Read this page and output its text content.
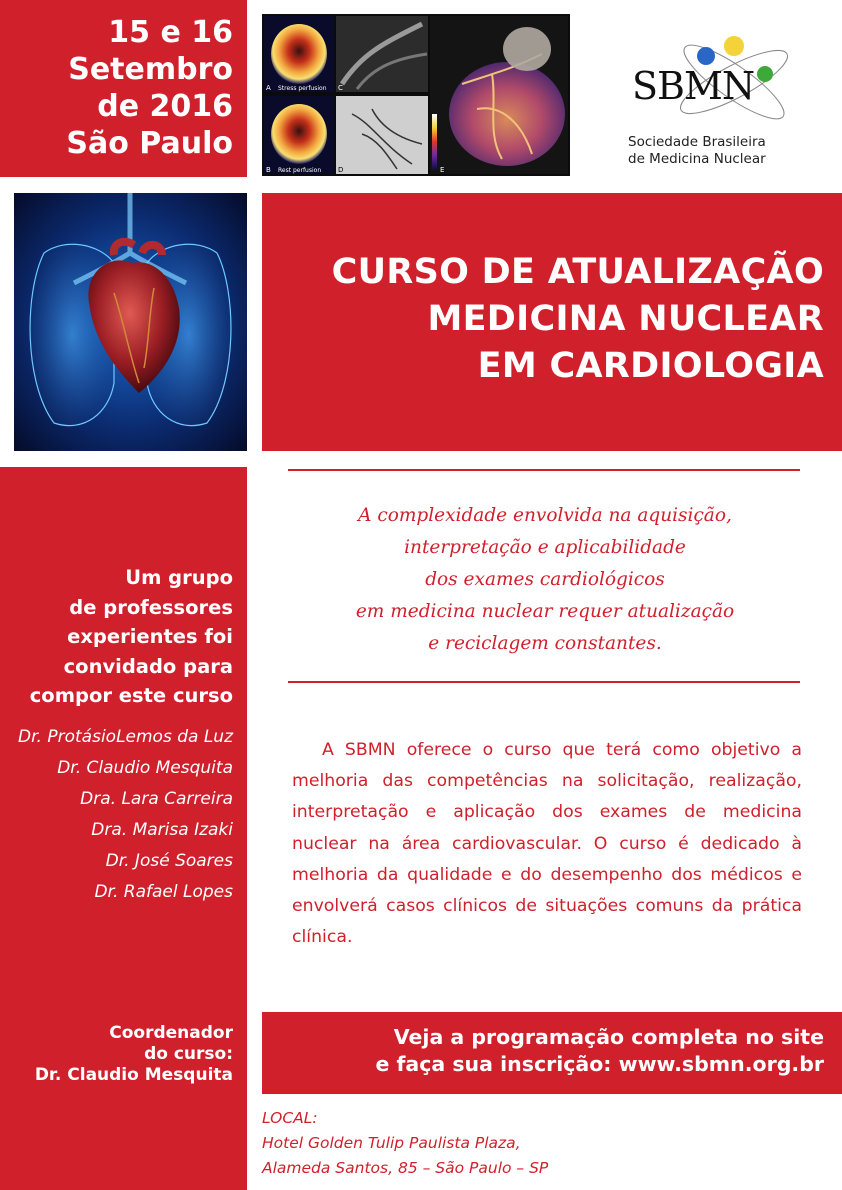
15 e 16
Setembro
de 2016
São Paulo
A Stress perfusion
B Rest perfusion
C
D	E
SBMN
Sociedade Brasileira
de Medicina Nuclear
CURSO DE ATUALIZAÇÃO
MEDICINA NUCLEAR
EM CARDIOLOGIA
Um grupo
de professores
experientes foi
convidado para
compor este curso
Dr. ProtásioLemos da Luz
Dr. Claudio Mesquita
Dra. Lara Carreira
Dra. Marisa Izaki
Dr. José Soares
Dr. Rafael Lopes
Coordenador
do curso:
Dr. Claudio Mesquita
A complexidade envolvida na aquisição,
interpretação e aplicabilidade
dos exames cardiológicos
em medicina nuclear requer atualização
e reciclagem constantes.

A SBMN oferece o curso que terá como objetivo a melhoria das competências na solicitação, realização, interpretação e aplicação dos exames de medicina nuclear na área cardiovascular. O curso é dedicado à melhoria da qualidade e do desempenho dos médicos e envolverá casos clínicos de situações comuns da prática clínica.

Veja a programação completa no site
e faça sua inscrição: www.sbmn.org.br
LOCAL:
Hotel Golden Tulip Paulista Plaza,
Alameda Santos, 85 – São Paulo – SP
